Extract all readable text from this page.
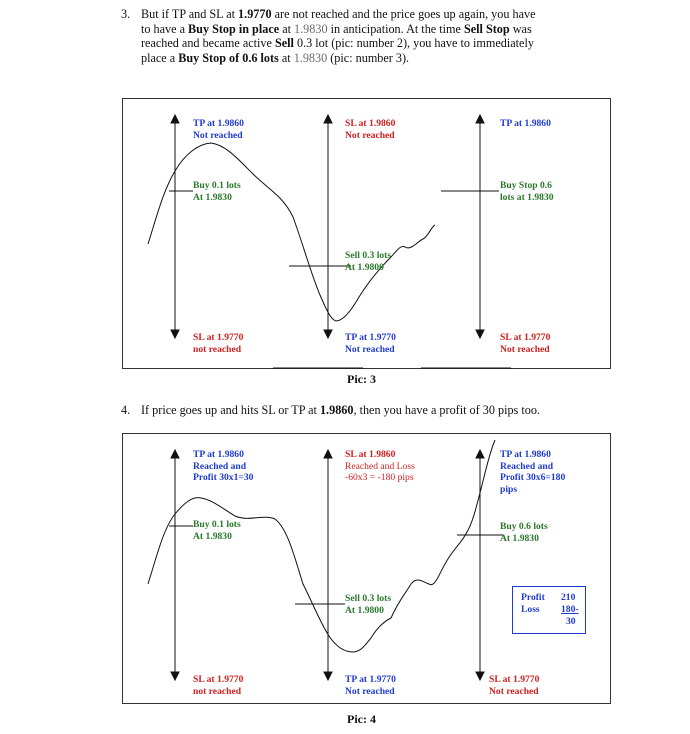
3. But if TP and SL at 1.9770 are not reached and the price goes up again, you have
to have a Buy Stop in place at 1.9830 in anticipation. At the time Sell Stop was
reached and became active Sell 0.3 lot (pic: number 2), you have to immediately
place a Buy Stop of 0.6 lots at 1.9830 (pic: number 3).
TP at 1.9860
Not reached
Buy 0.1 lots
At 1.9830
SL at 1.9770
not reached
SL at 1.9860
Not reached
Sell 0.3 lots
At 1.9800
TP at 1.9770
Not reached
TP at 1.9860
Buy Stop 0.6
lots at 1.9830
SL at 1.9770
Not reached
Pic: 3
4. If price goes up and hits SL or TP at 1.9860, then you have a profit of 30 pips too.
TP at 1.9860
Reached and
Profit 30x1=30
Buy 0.1 lots
At 1.9830
SL at 1.9770
not reached
SL at 1.9860
Reached and Loss
-60x3 = -180 pips
Sell 0.3 lots
At 1.9800
TP at 1.9770
Not reached
TP at 1.9860
Reached and
Profit 30x6=180
pips
Buy 0.6 lots
At 1.9830
SL at 1.9770
Not reached
Profit 210
Loss 180-
30
Pic: 4
